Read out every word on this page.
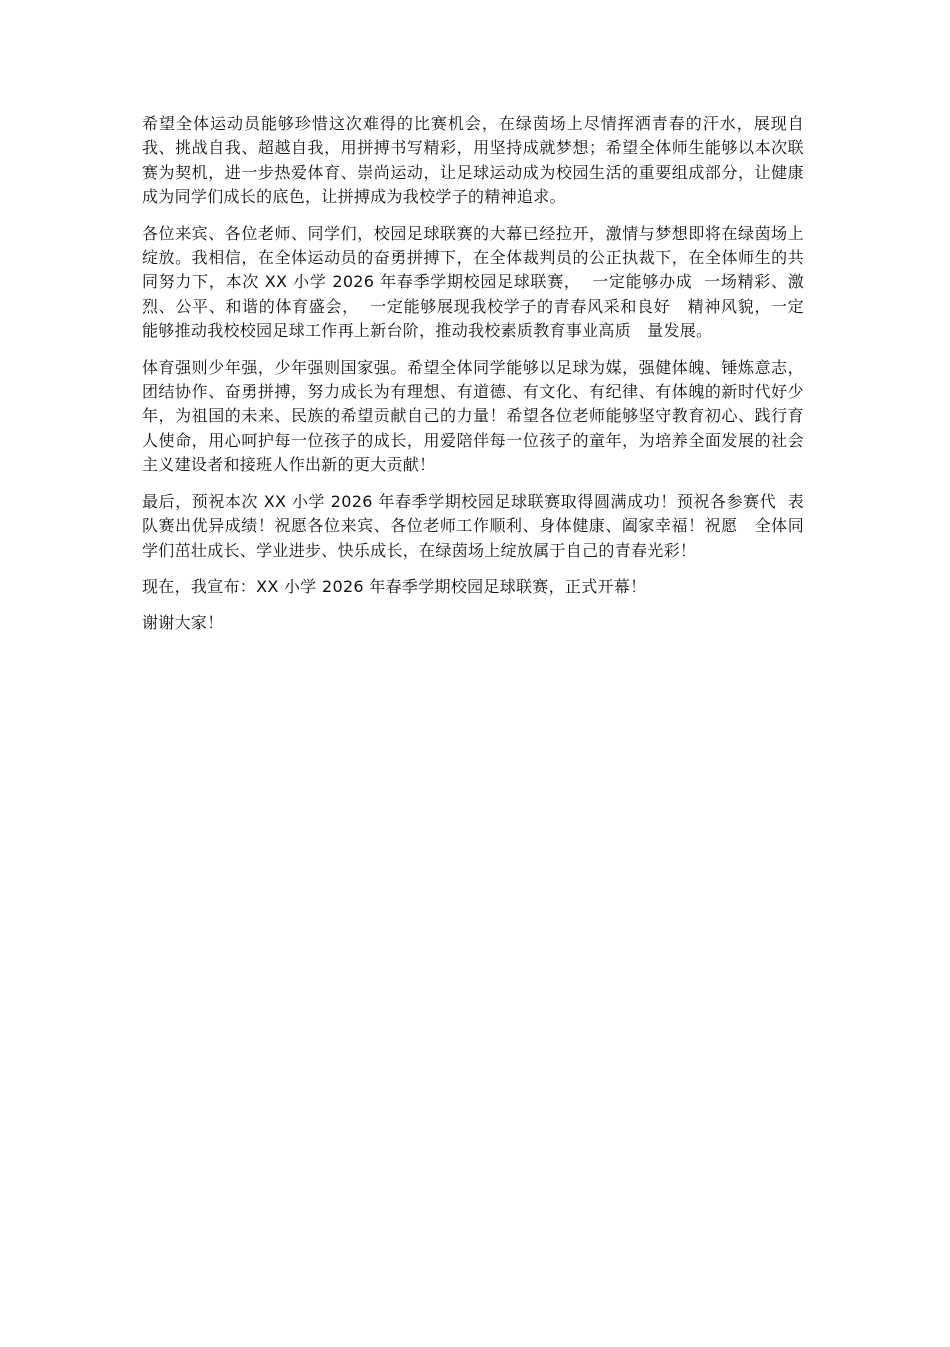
希望全体运动员能够珍惜这次难得的比赛机会，在绿茵场上尽情挥洒青春的汗水，展现自我、挑战自我、超越自我，用拼搏书写精彩，用坚持成就梦想；希望全体师生能够以本次联赛为契机，进一步热爱体育、崇尚运动，让足球运动成为校园生活的重要组成部分，让健康成为同学们成长的底色，让拼搏成为我校学子的精神追求。

各位来宾、各位老师、同学们，校园足球联赛的大幕已经拉开，激情与梦想即将在绿茵场上绽放。我相信，在全体运动员的奋勇拼搏下，在全体裁判员的公正执裁下，在全体师生的共同努力下，本次 XX 小学 2026 年春季学期校园足球联赛，  一定能够办成  一场精彩、激烈、公平、和谐的体育盛会，  一定能够展现我校学子的青春风采和良好   精神风貌，一定能够推动我校校园足球工作再上新台阶，推动我校素质教育事业高质   量发展。

体育强则少年强，少年强则国家强。希望全体同学能够以足球为媒，强健体魄、锤炼意志，团结协作、奋勇拼搏，努力成长为有理想、有道德、有文化、有纪律、有体魄的新时代好少年，为祖国的未来、民族的希望贡献自己的力量！希望各位老师能够坚守教育初心、践行育人使命，用心呵护每一位孩子的成长，用爱陪伴每一位孩子的童年，为培养全面发展的社会主义建设者和接班人作出新的更大贡献！

最后，预祝本次 XX 小学 2026 年春季学期校园足球联赛取得圆满成功！预祝各参赛代  表队赛出优异成绩！祝愿各位来宾、各位老师工作顺利、身体健康、阖家幸福！祝愿   全体同学们茁壮成长、学业进步、快乐成长，在绿茵场上绽放属于自己的青春光彩！

现在，我宣布：XX 小学 2026 年春季学期校园足球联赛，正式开幕！

谢谢大家！
